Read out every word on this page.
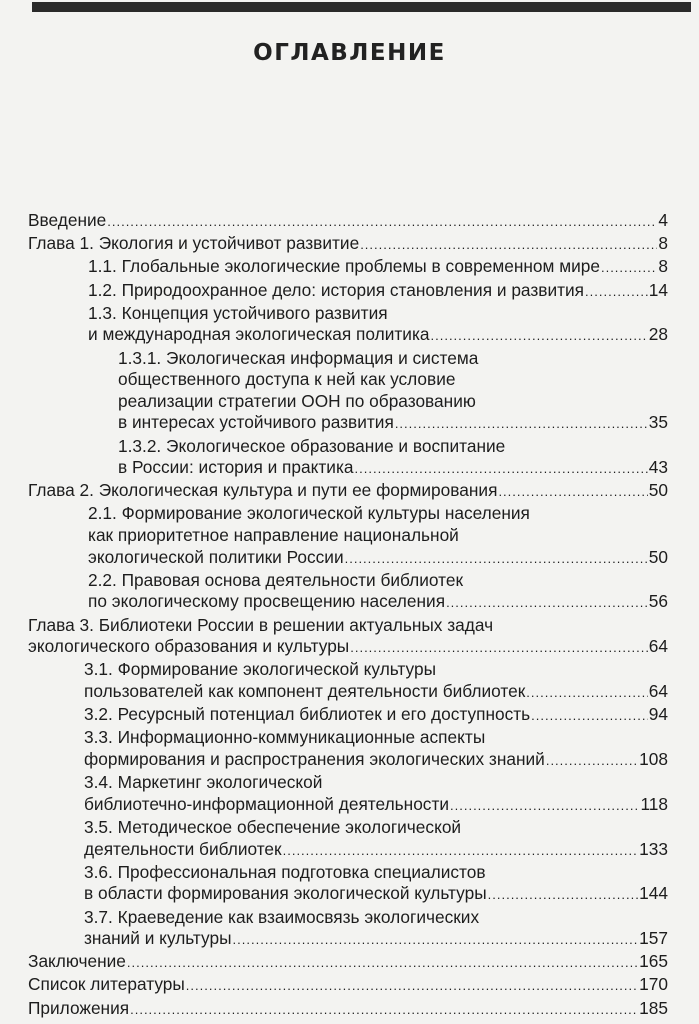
ОГЛАВЛЕНИЕ
Введение .....	4
Глава 1. Экология и устойчивот развитие .....	8
1.1. Глобальные экологические проблемы в современном мире .....	8
1.2. Природоохранное дело: история становления и развития .....	14
1.3. Концепция устойчивого развития
и международная экологическая политика .....	28
1.3.1. Экологическая информация и система
общественного доступа к ней как условие
реализации стратегии ООН по образованию
в интересах устойчивого развития .....	35
1.3.2. Экологическое образование и воспитание
в России: история и практика .....	43
Глава 2. Экологическая культура и пути ее формирования .....	50
2.1. Формирование экологической культуры населения
как приоритетное направление национальной
экологической политики России .....	50
2.2. Правовая основа деятельности библиотек
по экологическому просвещению населения .....	56
Глава 3. Библиотеки России в решении актуальных задач
экологического образования и культуры .....	64
3.1. Формирование экологической культуры
пользователей как компонент деятельности библиотек .....	64
3.2. Ресурсный потенциал библиотек и его доступность .....	94
3.3. Информационно-коммуникационные аспекты
формирования и распространения экологических знаний .....	108
3.4. Маркетинг экологической
библиотечно-информационной деятельности .....	118
3.5. Методическое обеспечение экологической
деятельности библиотек .....	133
3.6. Профессиональная подготовка специалистов
в области формирования экологической культуры .....	144
3.7. Краеведение как взаимосвязь экологических
знаний и культуры .....	157
Заключение .....	165
Список литературы .....	170
Приложения .....	185
